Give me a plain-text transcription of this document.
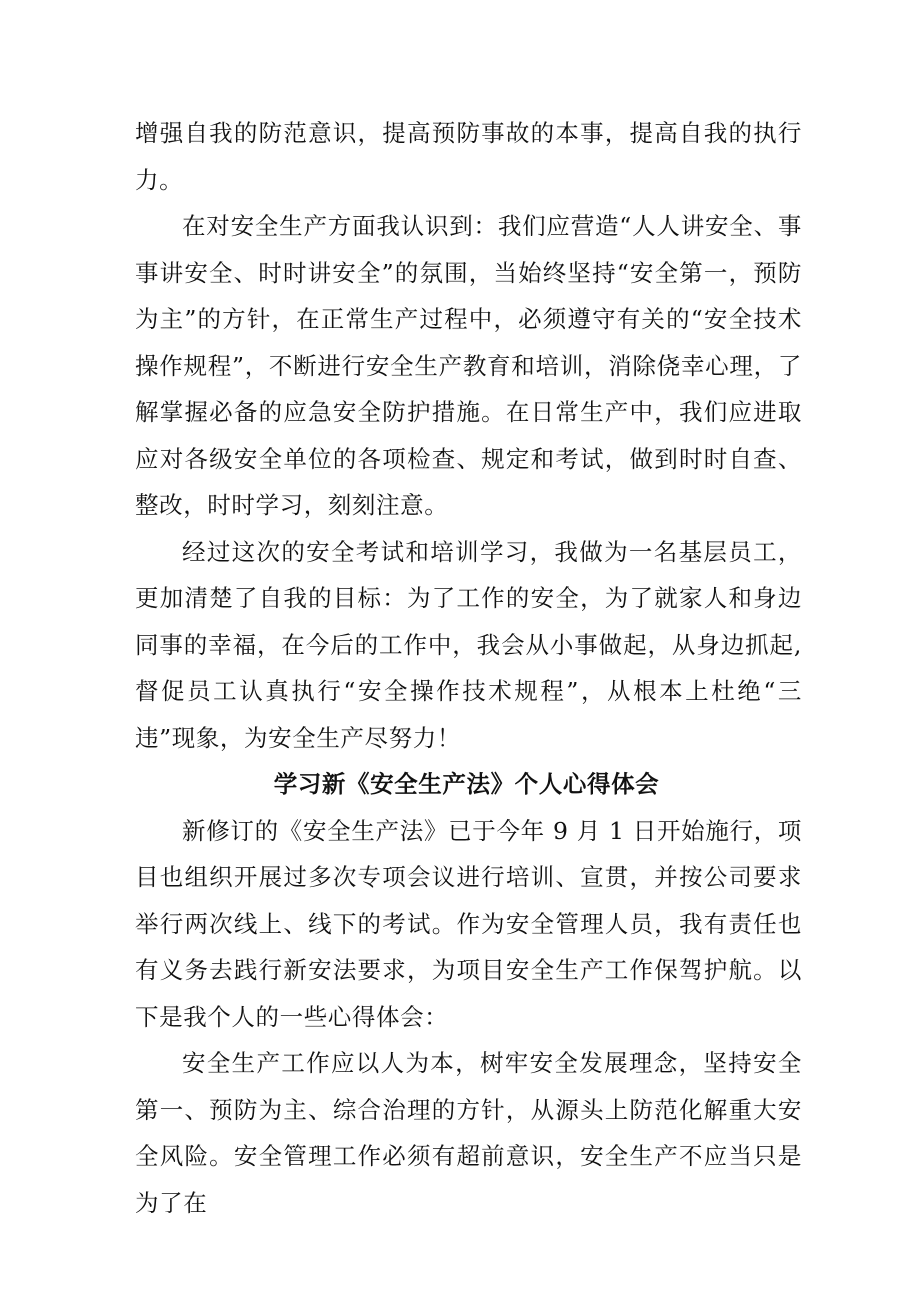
增强自我的防范意识，提高预防事故的本事，提高自我的执行力。

在对安全生产方面我认识到：我们应营造“人人讲安全、事事讲安全、时时讲安全”的氛围，当始终坚持“安全第一，预防为主”的方针，在正常生产过程中，必须遵守有关的“安全技术操作规程”，不断进行安全生产教育和培训，消除侥幸心理，了解掌握必备的应急安全防护措施。在日常生产中，我们应进取应对各级安全单位的各项检查、规定和考试，做到时时自查、整改，时时学习，刻刻注意。

经过这次的安全考试和培训学习，我做为一名基层员工，更加清楚了自我的目标：为了工作的安全，为了就家人和身边同事的幸福，在今后的工作中，我会从小事做起，从身边抓起,督促员工认真执行“安全操作技术规程”，从根本上杜绝“三违”现象，为安全生产尽努力！

学习新《安全生产法》个人心得体会

新修订的《安全生产法》已于今年 9 月 1 日开始施行，项目也组织开展过多次专项会议进行培训、宣贯，并按公司要求举行两次线上、线下的考试。作为安全管理人员，我有责任也有义务去践行新安法要求，为项目安全生产工作保驾护航。以下是我个人的一些心得体会：

安全生产工作应以人为本，树牢安全发展理念，坚持安全第一、预防为主、综合治理的方针，从源头上防范化解重大安全风险。安全管理工作必须有超前意识，安全生产不应当只是为了在
